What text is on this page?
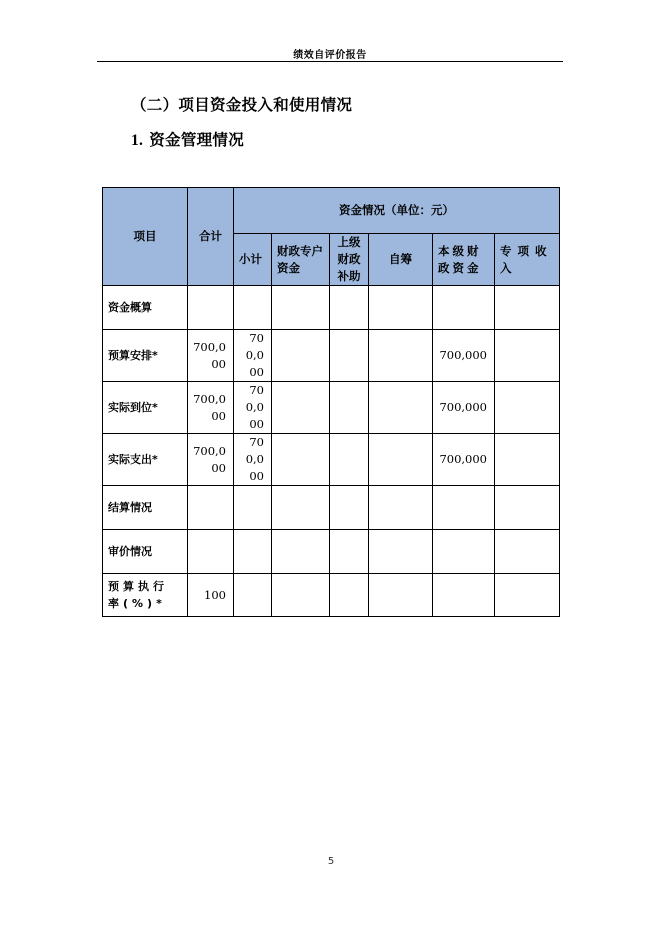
绩效自评价报告
（二）项目资金投入和使用情况
1. 资金管理情况
项目	合计	资金情况（单位：元）					
		小计	财政专户资金	上级财政补助	自筹	本级财政资金	专项收入
资金概算							
预算安排*	700,000	700,000				700,000	
实际到位*	700,000	700,000				700,000	
实际支出*	700,000	700,000				700,000	
结算情况							
审价情况							
预算执行率(%)*	100						
5
